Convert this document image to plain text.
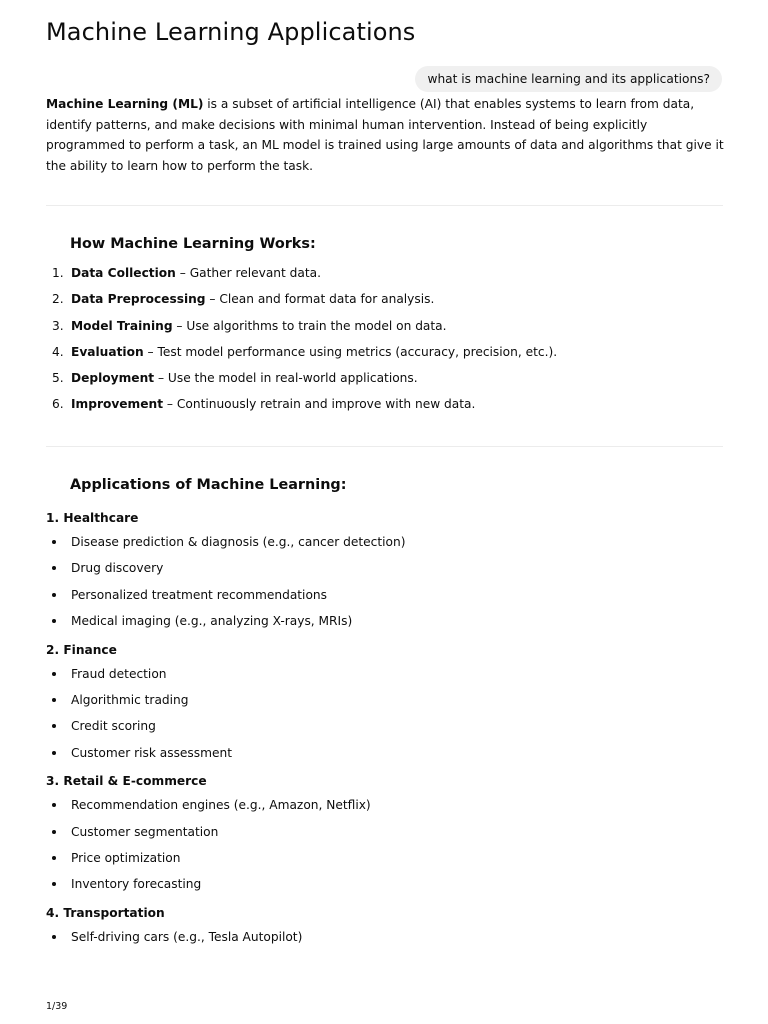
Machine Learning Applications
what is machine learning and its applications?

Machine Learning (ML) is a subset of artificial intelligence (AI) that enables systems to learn from data, identify patterns, and make decisions with minimal human intervention. Instead of being explicitly programmed to perform a task, an ML model is trained using large amounts of data and algorithms that give it the ability to learn how to perform the task.

How Machine Learning Works:
1. Data Collection – Gather relevant data.
2. Data Preprocessing – Clean and format data for analysis.
3. Model Training – Use algorithms to train the model on data.
4. Evaluation – Test model performance using metrics (accuracy, precision, etc.).
5. Deployment – Use the model in real-world applications.
6. Improvement – Continuously retrain and improve with new data.
Applications of Machine Learning:
1. Healthcare
Disease prediction & diagnosis (e.g., cancer detection)
Drug discovery
Personalized treatment recommendations
Medical imaging (e.g., analyzing X-rays, MRIs)
2. Finance
Fraud detection
Algorithmic trading
Credit scoring
Customer risk assessment
3. Retail & E-commerce
Recommendation engines (e.g., Amazon, Netflix)
Customer segmentation
Price optimization
Inventory forecasting
4. Transportation
Self-driving cars (e.g., Tesla Autopilot)
1/39
